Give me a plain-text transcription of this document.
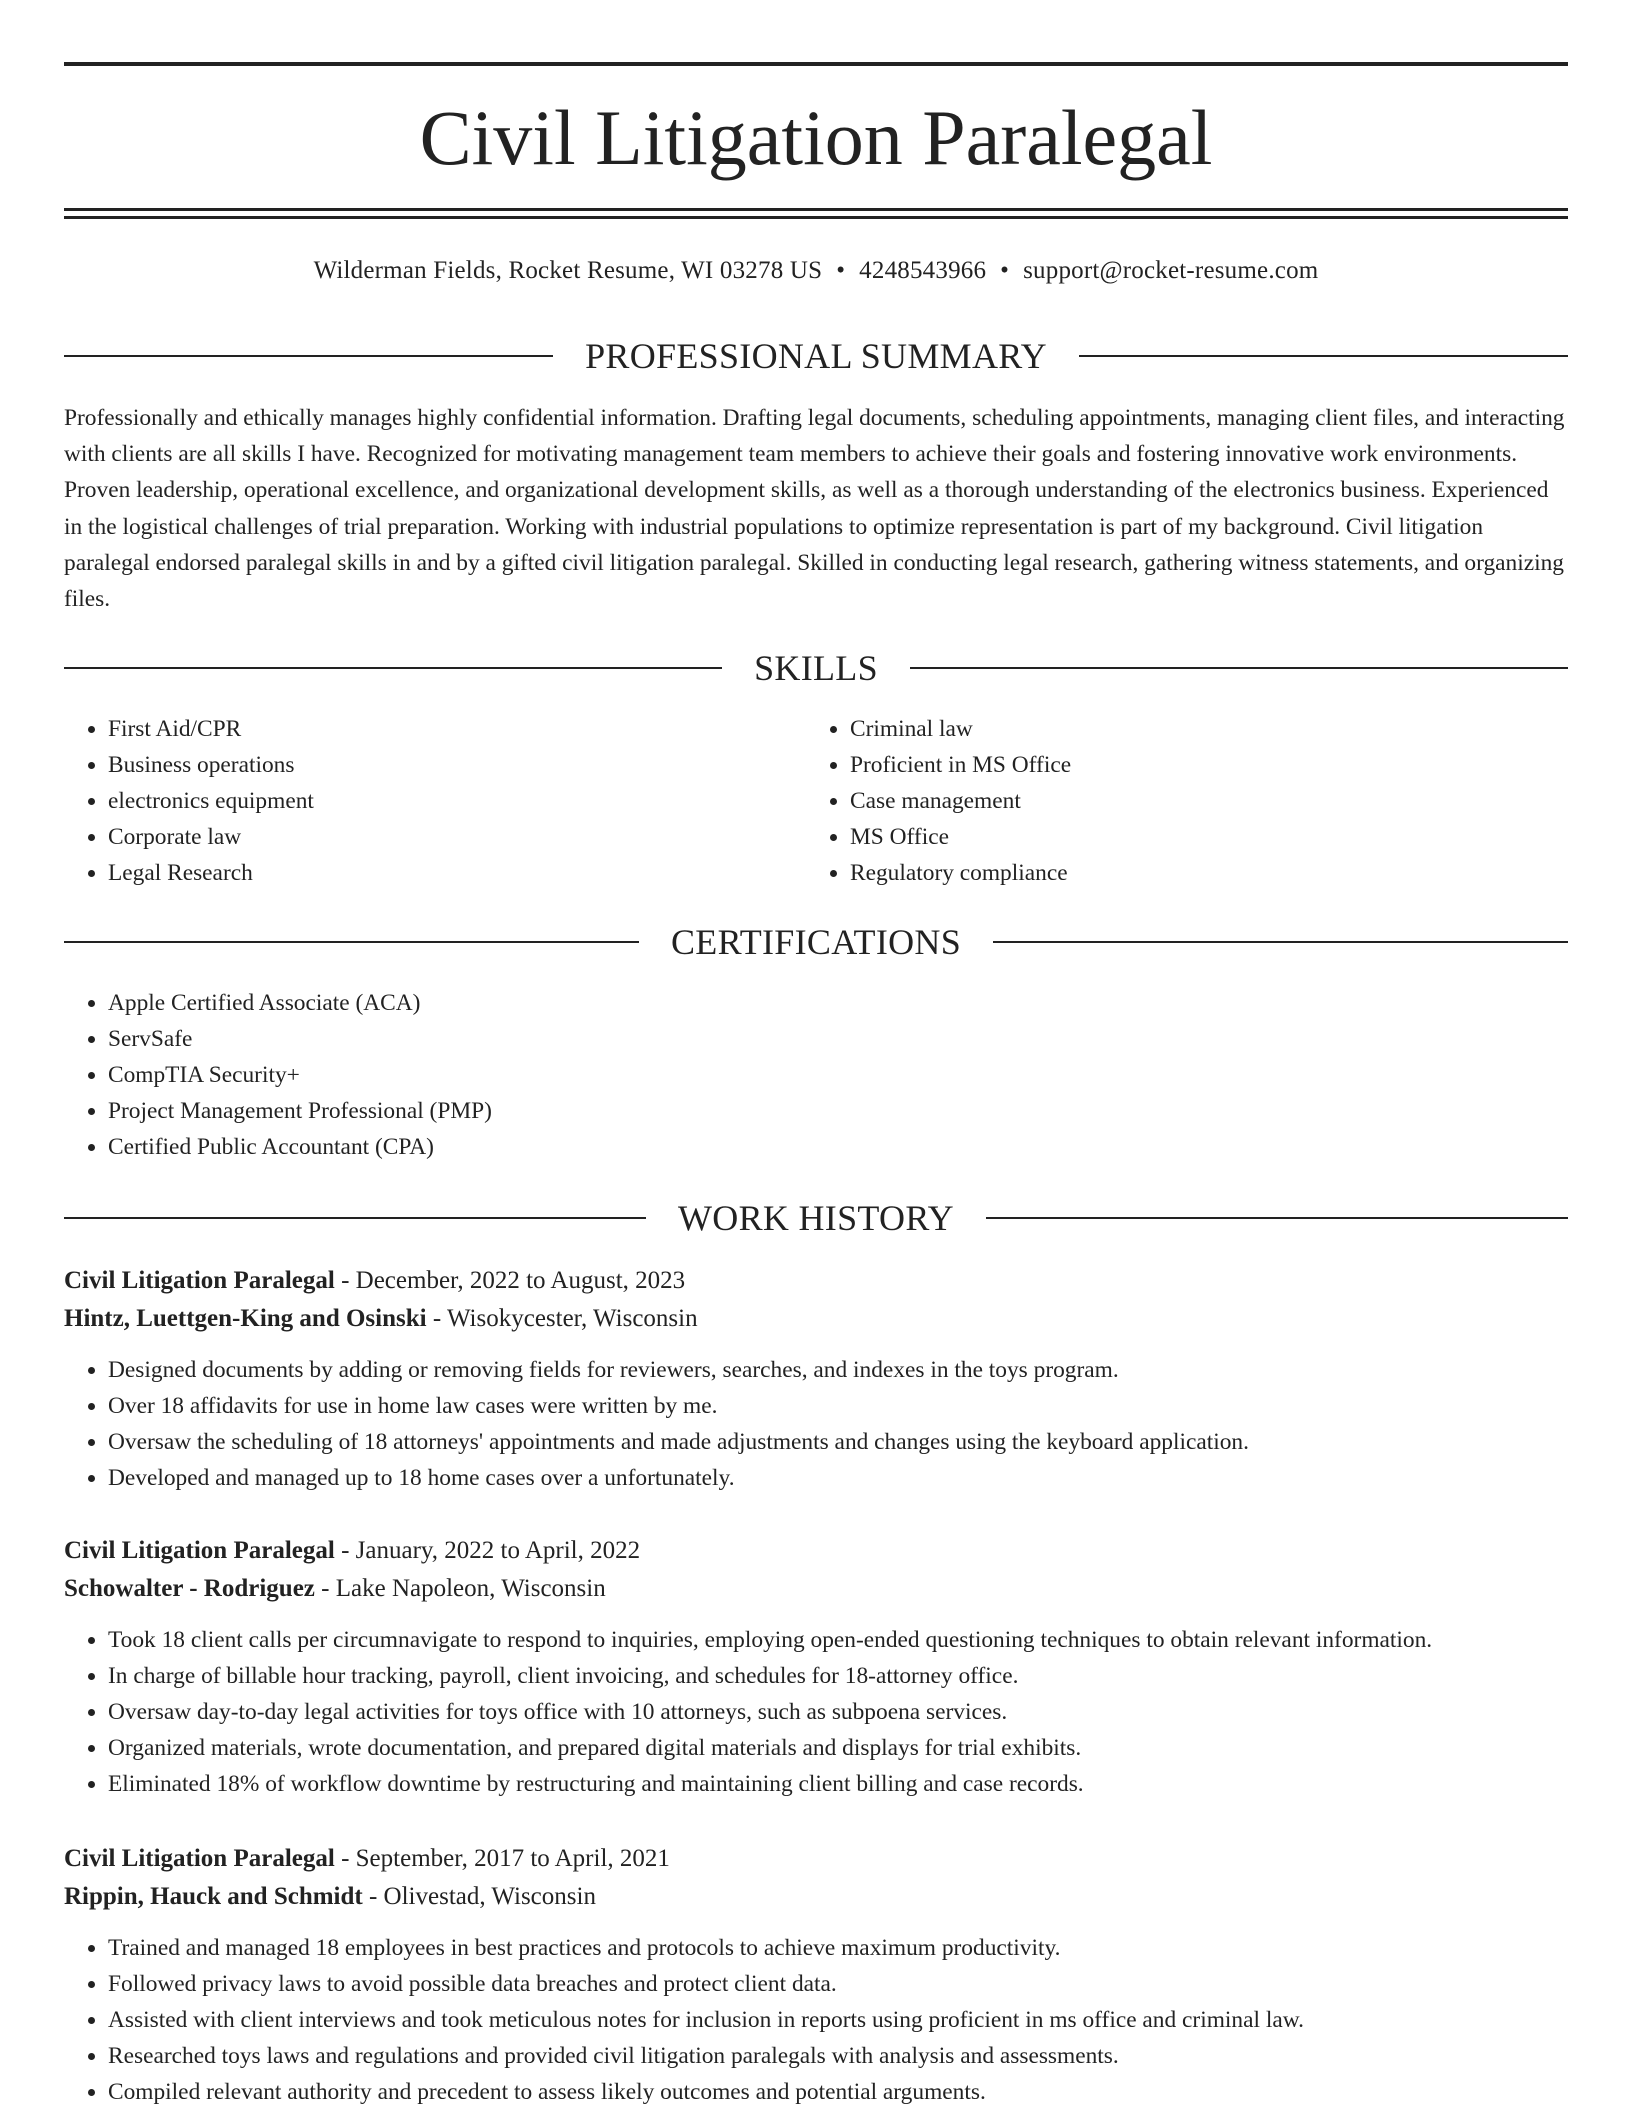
Civil Litigation Paralegal
Wilderman Fields, Rocket Resume, WI 03278 US • 4248543966 • support@rocket-resume.com
PROFESSIONAL SUMMARY

Professionally and ethically manages highly confidential information. Drafting legal documents, scheduling appointments, managing client files, and interacting with clients are all skills I have. Recognized for motivating management team members to achieve their goals and fostering innovative work environments. Proven leadership, operational excellence, and organizational development skills, as well as a thorough understanding of the electronics business. Experienced in the logistical challenges of trial preparation. Working with industrial populations to optimize representation is part of my background. Civil litigation paralegal endorsed paralegal skills in and by a gifted civil litigation paralegal. Skilled in conducting legal research, gathering witness statements, and organizing files.

SKILLS
• First Aid/CPR
• Business operations
• electronics equipment
• Corporate law
• Legal Research
• Criminal law
• Proficient in MS Office
• Case management
• MS Office
• Regulatory compliance
CERTIFICATIONS
• Apple Certified Associate (ACA)
• ServSafe
• CompTIA Security+
• Project Management Professional (PMP)
• Certified Public Accountant (CPA)
WORK HISTORY

Civil Litigation Paralegal - December, 2022 to August, 2023

Hintz, Luettgen-King and Osinski - Wisokycester, Wisconsin

• Designed documents by adding or removing fields for reviewers, searches, and indexes in the toys program.
• Over 18 affidavits for use in home law cases were written by me.
• Oversaw the scheduling of 18 attorneys' appointments and made adjustments and changes using the keyboard application.
• Developed and managed up to 18 home cases over a unfortunately.

Civil Litigation Paralegal - January, 2022 to April, 2022

Schowalter - Rodriguez - Lake Napoleon, Wisconsin

• Took 18 client calls per circumnavigate to respond to inquiries, employing open-ended questioning techniques to obtain relevant information.
• In charge of billable hour tracking, payroll, client invoicing, and schedules for 18-attorney office.
• Oversaw day-to-day legal activities for toys office with 10 attorneys, such as subpoena services.
• Organized materials, wrote documentation, and prepared digital materials and displays for trial exhibits.
• Eliminated 18% of workflow downtime by restructuring and maintaining client billing and case records.

Civil Litigation Paralegal - September, 2017 to April, 2021

Rippin, Hauck and Schmidt - Olivestad, Wisconsin

• Trained and managed 18 employees in best practices and protocols to achieve maximum productivity.
• Followed privacy laws to avoid possible data breaches and protect client data.
• Assisted with client interviews and took meticulous notes for inclusion in reports using proficient in ms office and criminal law.
• Researched toys laws and regulations and provided civil litigation paralegals with analysis and assessments.
• Compiled relevant authority and precedent to assess likely outcomes and potential arguments.
